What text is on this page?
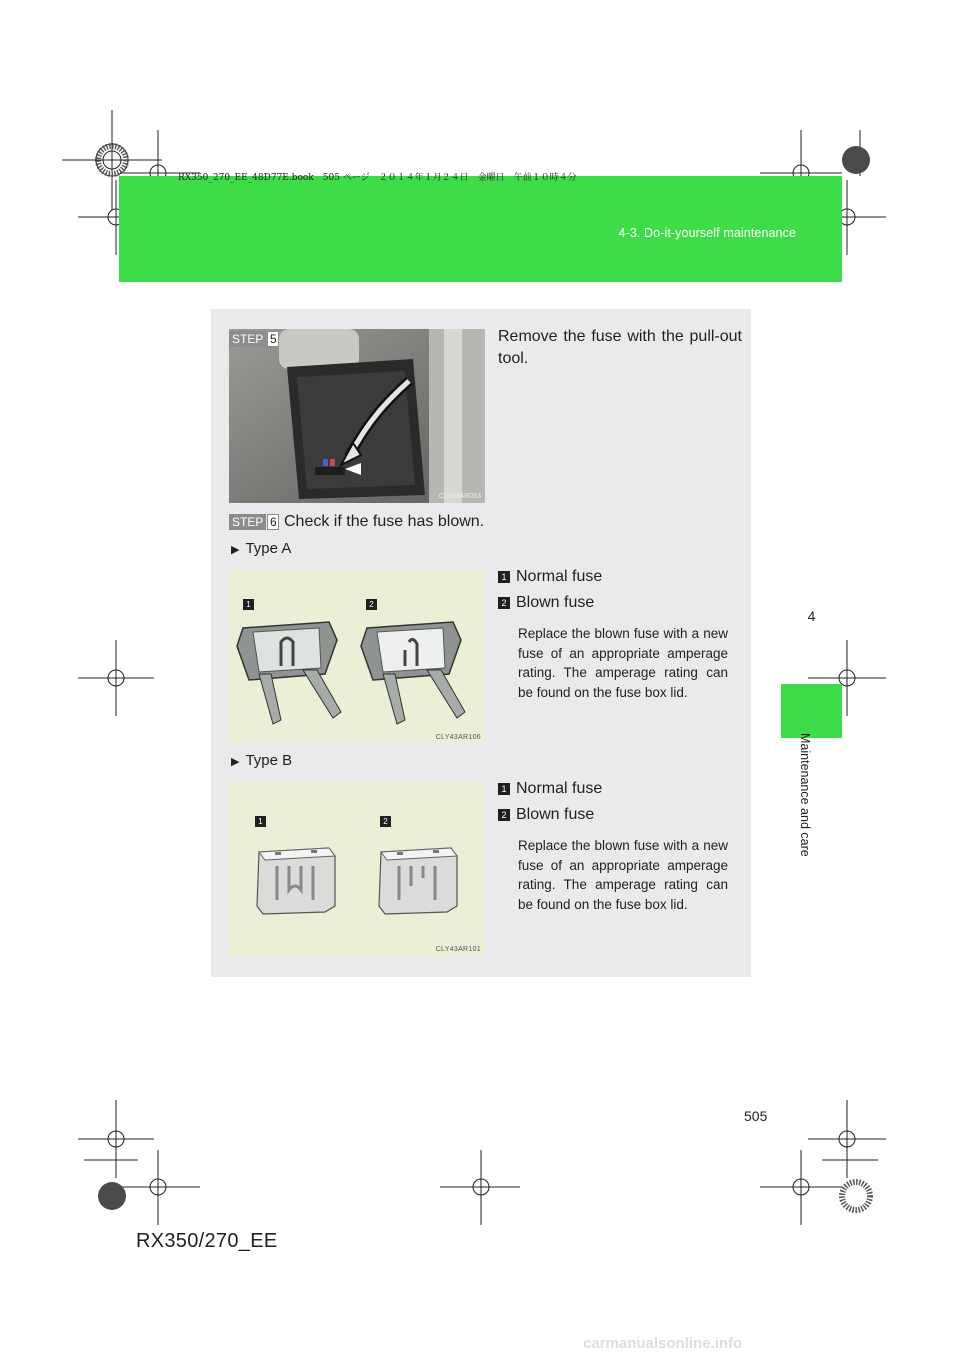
4-3. Do-it-yourself maintenance
RX350_270_EE_48D77E.book　505 ページ　２０１４年１月２４日　金曜日　午前１０時４分
4
Maintenance and care
CLY43AR053
STEP 5	Remove the fuse with the pull-out tool.
STEP 6 Check if the fuse has blown.
▶ Type A
1	2
CLY43AR106
1 Normal fuse
2 Blown fuse
Replace the blown fuse with a new fuse of an appropriate amperage rating. The amperage rating can be found on the fuse box lid.
▶ Type B
1	2
CLY43AR101
1 Normal fuse
2 Blown fuse
Replace the blown fuse with a new fuse of an appropriate amperage rating. The amperage rating can be found on the fuse box lid.
505
RX350/270_EE
carmanualsonline.info
